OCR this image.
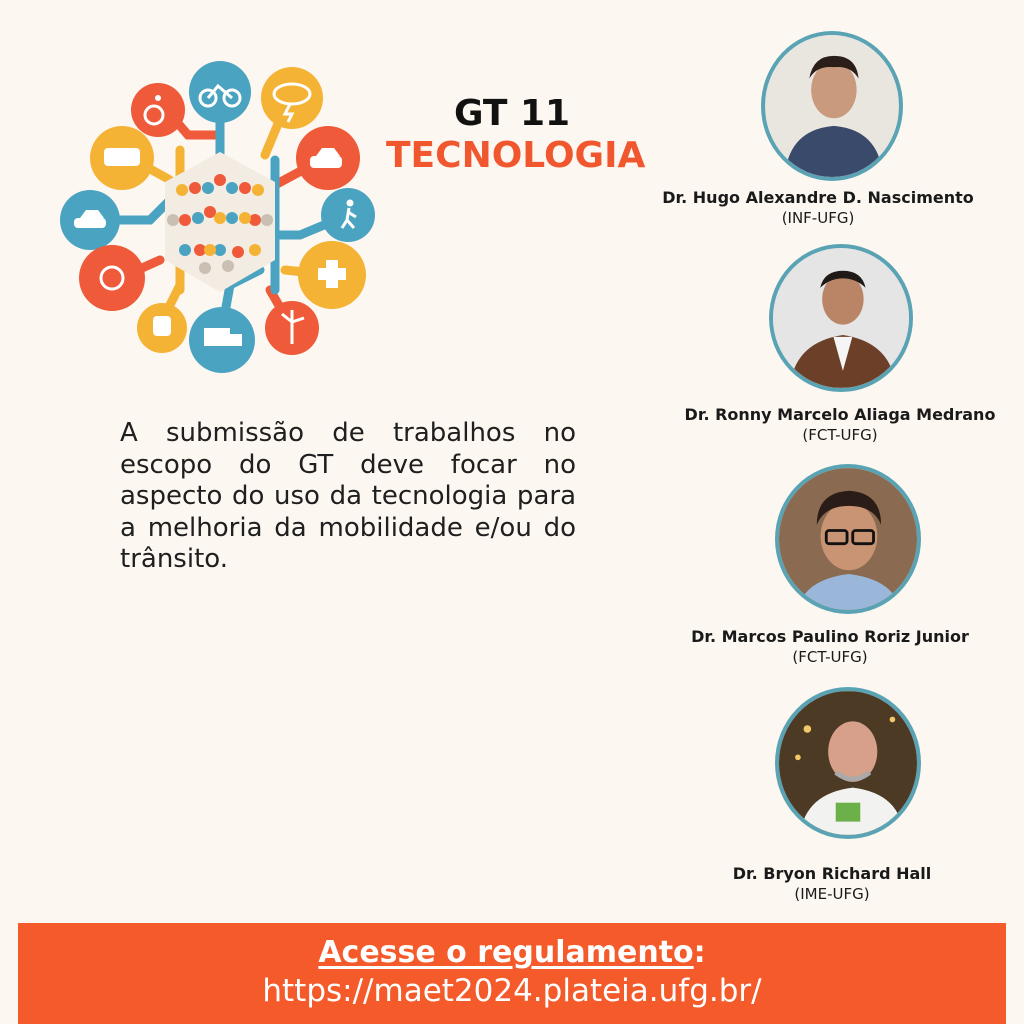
GT 11
TECNOLOGIA
A submissão de trabalhos no escopo do GT deve focar no aspecto do uso da tecnologia para a melhoria da mobilidade e/ou do trânsito.
Dr. Hugo Alexandre D. Nascimento
(INF-UFG)
Dr. Ronny Marcelo Aliaga Medrano
(FCT-UFG)
Dr. Marcos Paulino Roriz Junior
(FCT-UFG)
Dr. Bryon Richard Hall
(IME-UFG)
Acesse o regulamento:
https://maet2024.plateia.ufg.br/
